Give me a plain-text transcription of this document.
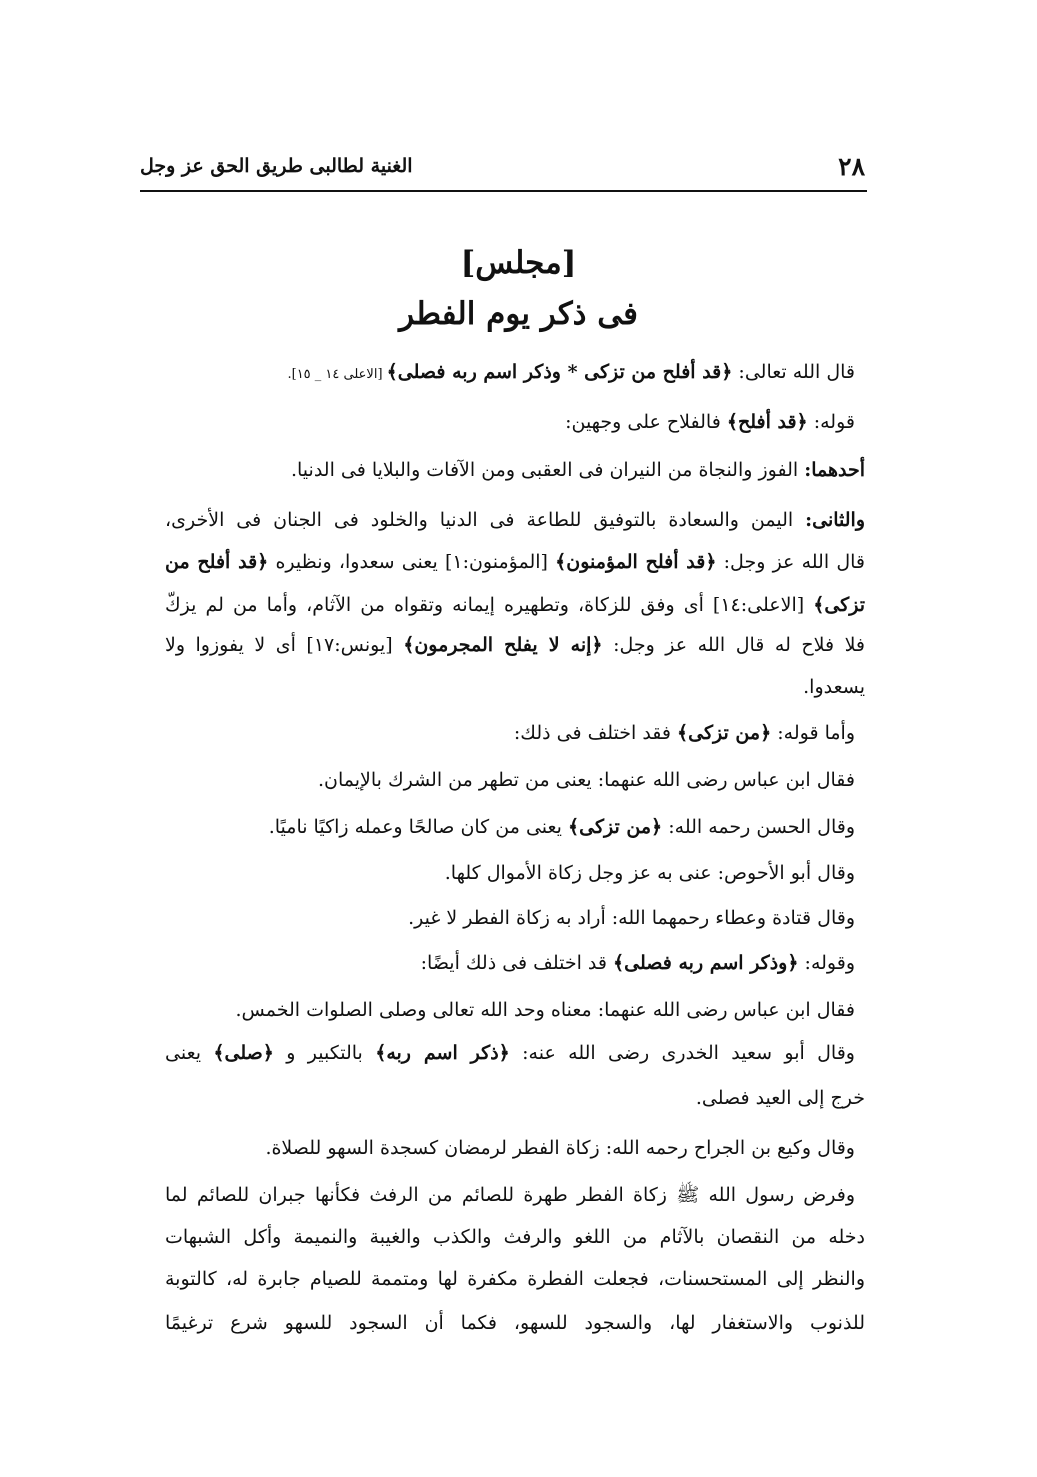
٢٨
الغنية لطالبى طريق الحق عز وجل
[مجلس]
فى ذكر يوم الفطر
قال الله تعالى: ﴿قد أفلح من تزكى * وذكر اسم ربه فصلى﴾ [الاعلى ١٤ _ ١٥].
قوله: ﴿قد أفلح﴾ فالفلاح على وجهين:
أحدهما: الفوز والنجاة من النيران فى العقبى ومن الآفات والبلايا فى الدنيا.
والثانى: اليمن والسعادة بالتوفيق للطاعة فى الدنيا والخلود فى الجنان فى الأخرى،
قال الله عز وجل: ﴿قد أفلح المؤمنون﴾ [المؤمنون:١] يعنى سعدوا، ونظيره ﴿قد أفلح من
تزكى﴾ [الاعلى:١٤] أى وفق للزكاة، وتطهيره إيمانه وتقواه من الآثام، وأما من لم يزكّ
فلا فلاح له قال الله عز وجل: ﴿إنه لا يفلح المجرمون﴾ [يونس:١٧] أى لا يفوزوا ولا
يسعدوا.
وأما قوله: ﴿من تزكى﴾ فقد اختلف فى ذلك:
فقال ابن عباس رضى الله عنهما: يعنى من تطهر من الشرك بالإيمان.
وقال الحسن رحمه الله: ﴿من تزكى﴾ يعنى من كان صالحًا وعمله زاكيًا ناميًا.
وقال أبو الأحوص: عنى به عز وجل زكاة الأموال كلها.
وقال قتادة وعطاء رحمهما الله: أراد به زكاة الفطر لا غير.
وقوله: ﴿وذكر اسم ربه فصلى﴾ قد اختلف فى ذلك أيضًا:
فقال ابن عباس رضى الله عنهما: معناه وحد الله تعالى وصلى الصلوات الخمس.
وقال أبو سعيد الخدرى رضى الله عنه: ﴿ذكر اسم ربه﴾ بالتكبير و ﴿صلى﴾ يعنى
خرج إلى العيد فصلى.
وقال وكيع بن الجراح رحمه الله: زكاة الفطر لرمضان كسجدة السهو للصلاة.
وفرض رسول الله ﷺ زكاة الفطر طهرة للصائم من الرفث فكأنها جبران للصائم لما
دخله من النقصان بالآثام من اللغو والرفث والكذب والغيبة والنميمة وأكل الشبهات
والنظر إلى المستحسنات، فجعلت الفطرة مكفرة لها ومتممة للصيام جابرة له، كالتوبة
للذنوب والاستغفار لها، والسجود للسهو، فكما أن السجود للسهو شرع ترغيمًا
